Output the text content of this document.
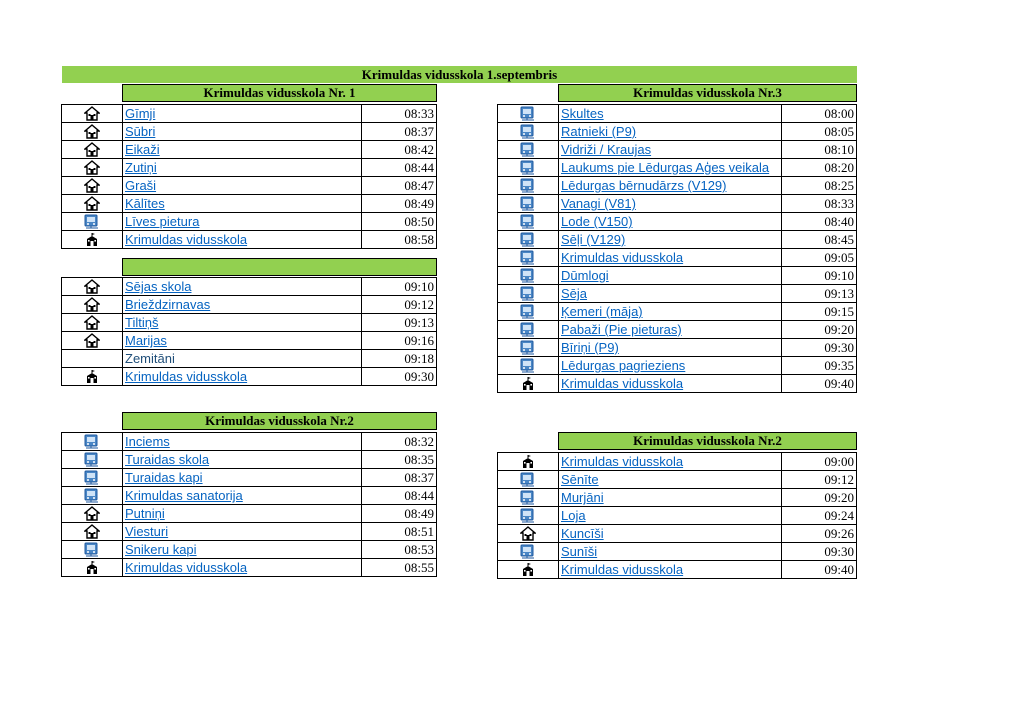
Krimuldas vidusskola 1.septembris
Krimuldas vidusskola Nr. 1
	Gīmji	08:33

	Sūbri	08:37

	Eikaži	08:42

	Zutiņi	08:44

	Graši	08:47

	Kālītes	08:49

	Līves pietura	08:50

	Krimuldas vidusskola	08:58
	Sējas skola	09:10

	Briеždzirnavas	09:12

	Tiltiņš	09:13

	Marijas	09:16
	Zemitāni	09:18

	Krimuldas vidusskola	09:30
Krimuldas vidusskola Nr.2
	Inciems	08:32

	Turaidas skola	08:35

	Turaidas kapi	08:37

	Krimuldas sanatorija	08:44

	Putniņi	08:49

	Viesturi	08:51

	Snikeru kapi	08:53

	Krimuldas vidusskola	08:55
Krimuldas vidusskola Nr.3
	Skultes	08:00

	Ratnieki (P9)	08:05

	Vidriži / Kraujas	08:10

	Laukums pie Lēdurgas Aģes veikala	08:20

	Lēdurgas bērnudārzs (V129)	08:25

	Vanagi (V81)	08:33

	Lode (V150)	08:40

	Sēļi (V129)	08:45

	Krimuldas vidusskola	09:05

	Dūmlogi	09:10

	Sēja	09:13

	Ķemeri (māja)	09:15

	Pabaži (Pie pieturas)	09:20

	Bīriņi (P9)	09:30

	Lēdurgas pagrieziens	09:35

	Krimuldas vidusskola	09:40
Krimuldas vidusskola Nr.2
	Krimuldas vidusskola	09:00

	Sēnīte	09:12

	Murjāni	09:20

	Loja	09:24

	Kuncīši	09:26

	Sunīši	09:30

	Krimuldas vidusskola	09:40
